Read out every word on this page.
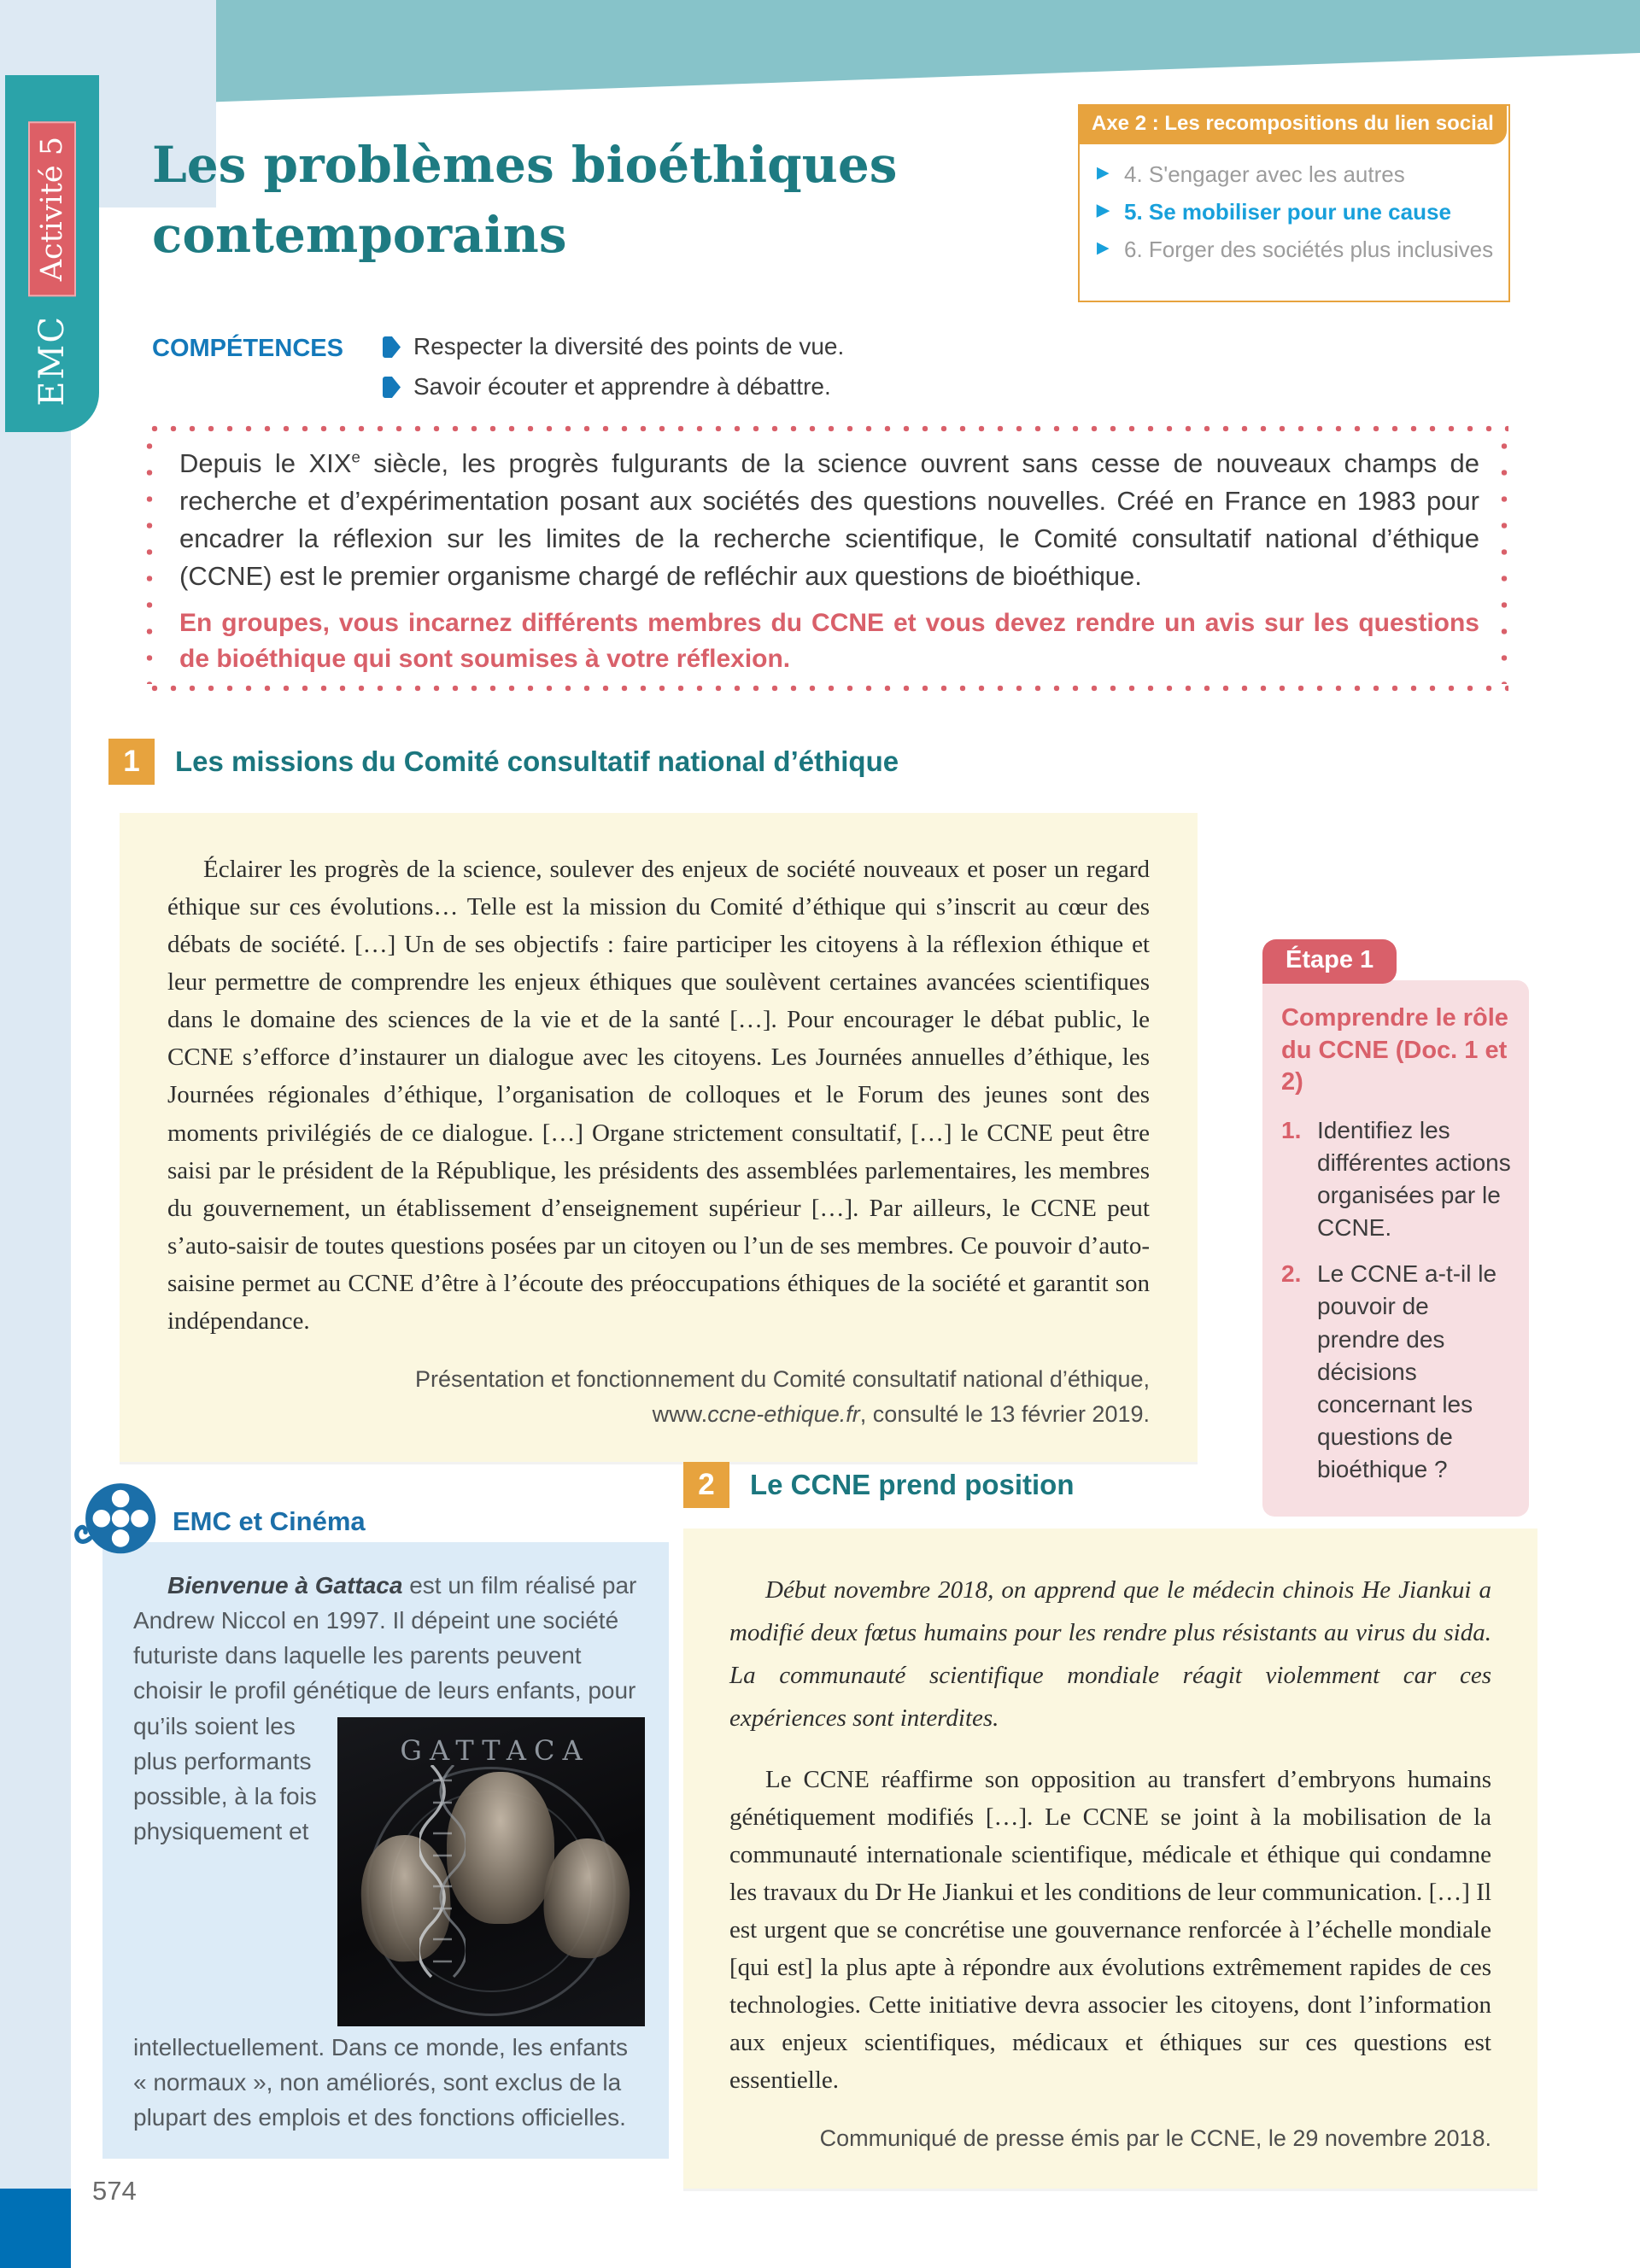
Activité 5
EMC
Les problèmes bioéthiques
contemporains
Axe 2 : Les recompositions du lien social
▶ 4. S'engager avec les autres
▶ 5. Se mobiliser pour une cause
▶ 6. Forger des sociétés plus inclusives
COMPÉTENCES	Respecter la diversité des points de vue.
Savoir écouter et apprendre à débattre.

Depuis le XIXe siècle, les progrès fulgurants de la science ouvrent sans cesse de nouveaux champs de recherche et d’expérimentation posant aux sociétés des questions nouvelles. Créé en France en 1983 pour encadrer la réflexion sur les limites de la recherche scientifique, le Comité consultatif national d’éthique (CCNE) est le premier organisme chargé de refléchir aux questions de bioéthique.

En groupes, vous incarnez différents membres du CCNE et vous devez rendre un avis sur les questions de bioéthique qui sont soumises à votre réflexion.

1	Les missions du Comité consultatif national d’éthique

Éclairer les progrès de la science, soulever des enjeux de société nouveaux et poser un regard éthique sur ces évolutions… Telle est la mission du Comité d’éthique qui s’inscrit au cœur des débats de société. […] Un de ses objectifs : faire participer les citoyens à la réflexion éthique et leur permettre de comprendre les enjeux éthiques que soulèvent certaines avancées scientifiques dans le domaine des sciences de la vie et de la santé […]. Pour encourager le débat public, le CCNE s’efforce d’instaurer un dialogue avec les citoyens. Les Journées annuelles d’éthique, les Journées régionales d’éthique, l’organisation de colloques et le Forum des jeunes sont des moments privilégiés de ce dialogue. […] Organe strictement consultatif, […] le CCNE peut être saisi par le président de la République, les présidents des assemblées parlementaires, les membres du gouvernement, un établissement d’enseignement supérieur […]. Par ailleurs, le CCNE peut s’auto-saisir de toutes questions posées par un citoyen ou l’un de ses membres. Ce pouvoir d’auto-saisine permet au CCNE d’être à l’écoute des préoccupations éthiques de la société et garantit son indépendance.

Présentation et fonctionnement du Comité consultatif national d’éthique,
www.ccne-ethique.fr, consulté le 13 février 2019.
Étape 1
Comprendre le rôle du CCNE (Doc. 1 et 2)
1. Identifiez les différentes actions organisées par le CCNE.
2. Le CCNE a-t-il le pouvoir de prendre des décisions concernant les questions de bioéthique ?
EMC et Cinéma

Bienvenue à Gattaca est un film réalisé par Andrew Niccol en 1997. Il dépeint une société futuriste dans laquelle les parents peuvent choisir le profil génétique de leurs enfants, pour qu’ils soient les
GATTACA
plus performants possible, à la fois physiquement et intellectuellement. Dans ce monde, les enfants « normaux », non améliorés, sont exclus de la plupart des emplois et des fonctions officielles.

2	Le CCNE prend position

Début novembre 2018, on apprend que le médecin chinois He Jiankui a modifié deux fœtus humains pour les rendre plus résistants au virus du sida. La communauté scientifique mondiale réagit violemment car ces expériences sont interdites.

Le CCNE réaffirme son opposition au transfert d’embryons humains génétiquement modifiés […]. Le CCNE se joint à la mobilisation de la communauté internationale scientifique, médicale et éthique qui condamne les travaux du Dr He Jiankui et les conditions de leur communication. […] Il est urgent que se concrétise une gouvernance renforcée à l’échelle mondiale [qui est] la plus apte à répondre aux évolutions extrêmement rapides de ces technologies. Cette initiative devra associer les citoyens, dont l’information aux enjeux scientifiques, médicaux et éthiques sur ces questions est essentielle.

Communiqué de presse émis par le CCNE, le 29 novembre 2018.
574
